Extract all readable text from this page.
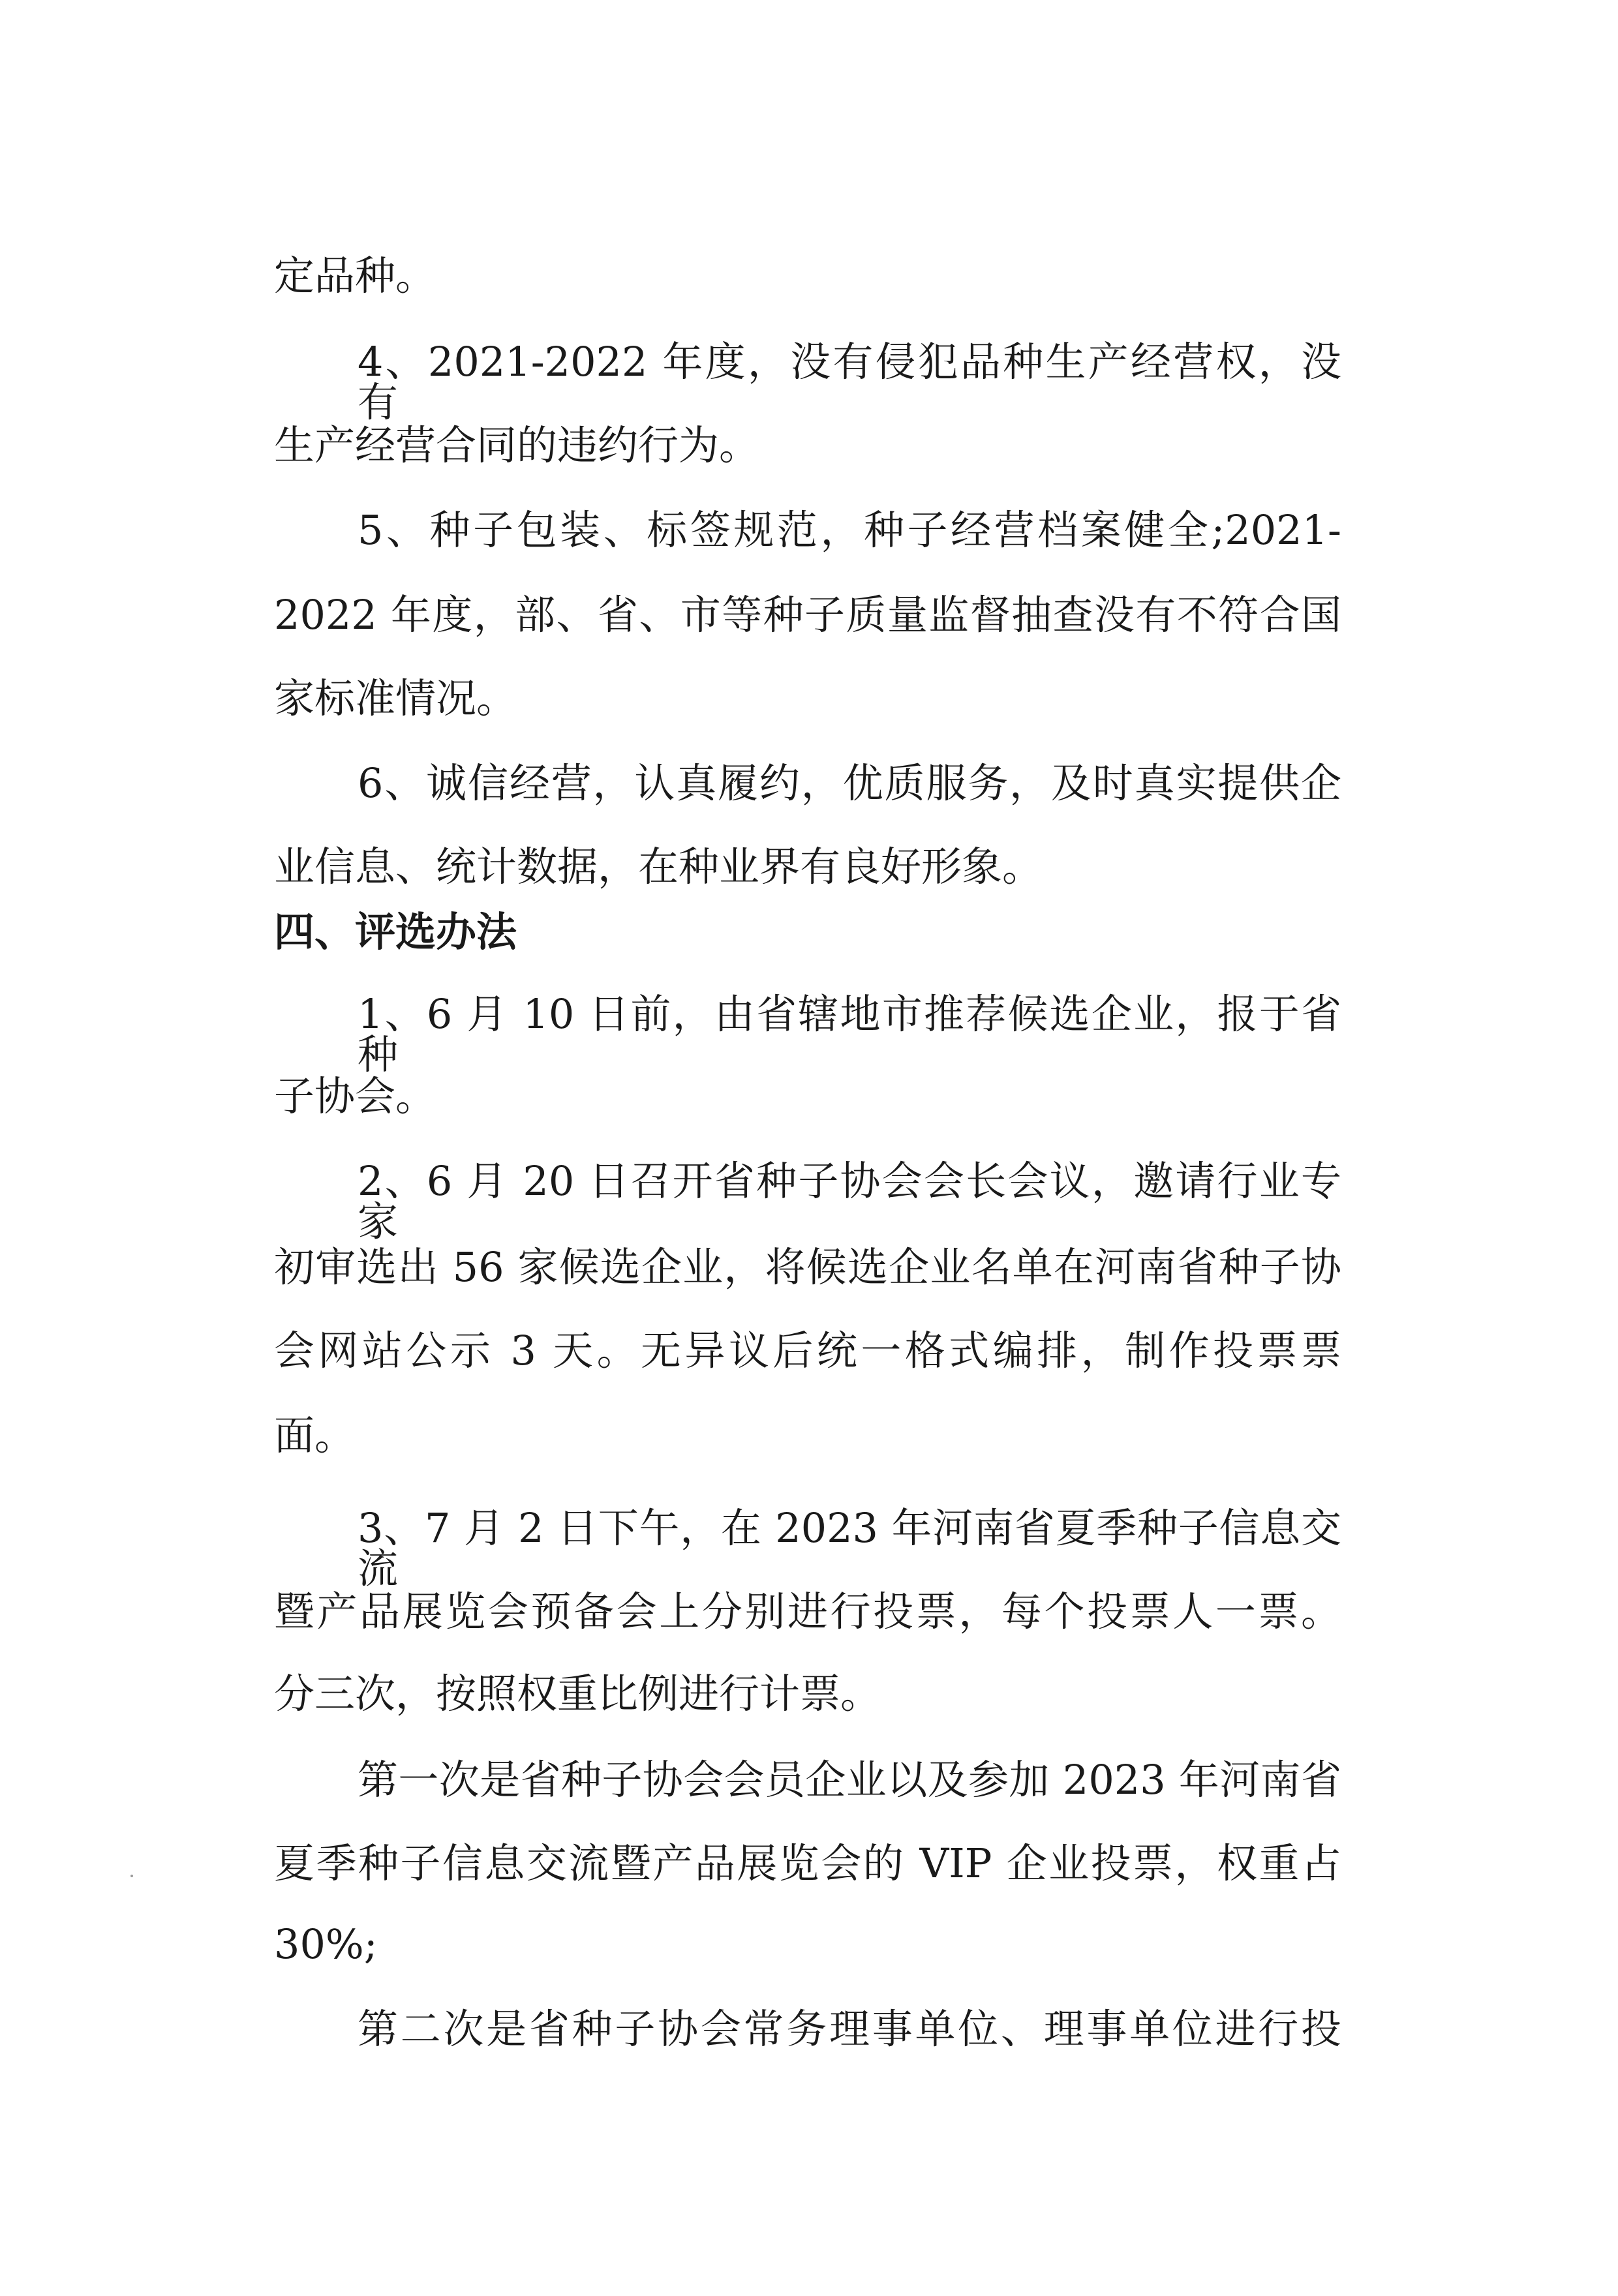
定品种。
4、2021-2022 年度，没有侵犯品种生产经营权，没有
生产经营合同的违约行为。
5、种子包装、标签规范，种子经营档案健全;2021-
2022 年度，部、省、市等种子质量监督抽查没有不符合国
家标准情况。
6、诚信经营，认真履约，优质服务，及时真实提供企
业信息、统计数据，在种业界有良好形象。
四、评选办法
1、6 月 10 日前，由省辖地市推荐候选企业，报于省种
子协会。
2、6 月 20 日召开省种子协会会长会议，邀请行业专家
初审选出 56 家候选企业，将候选企业名单在河南省种子协
会网站公示 3 天。无异议后统一格式编排，制作投票票
面。
3、7 月 2 日下午，在 2023 年河南省夏季种子信息交流
暨产品展览会预备会上分别进行投票，每个投票人一票。
分三次，按照权重比例进行计票。
第一次是省种子协会会员企业以及参加 2023 年河南省
夏季种子信息交流暨产品展览会的 VIP 企业投票，权重占
30%;
第二次是省种子协会常务理事单位、理事单位进行投
